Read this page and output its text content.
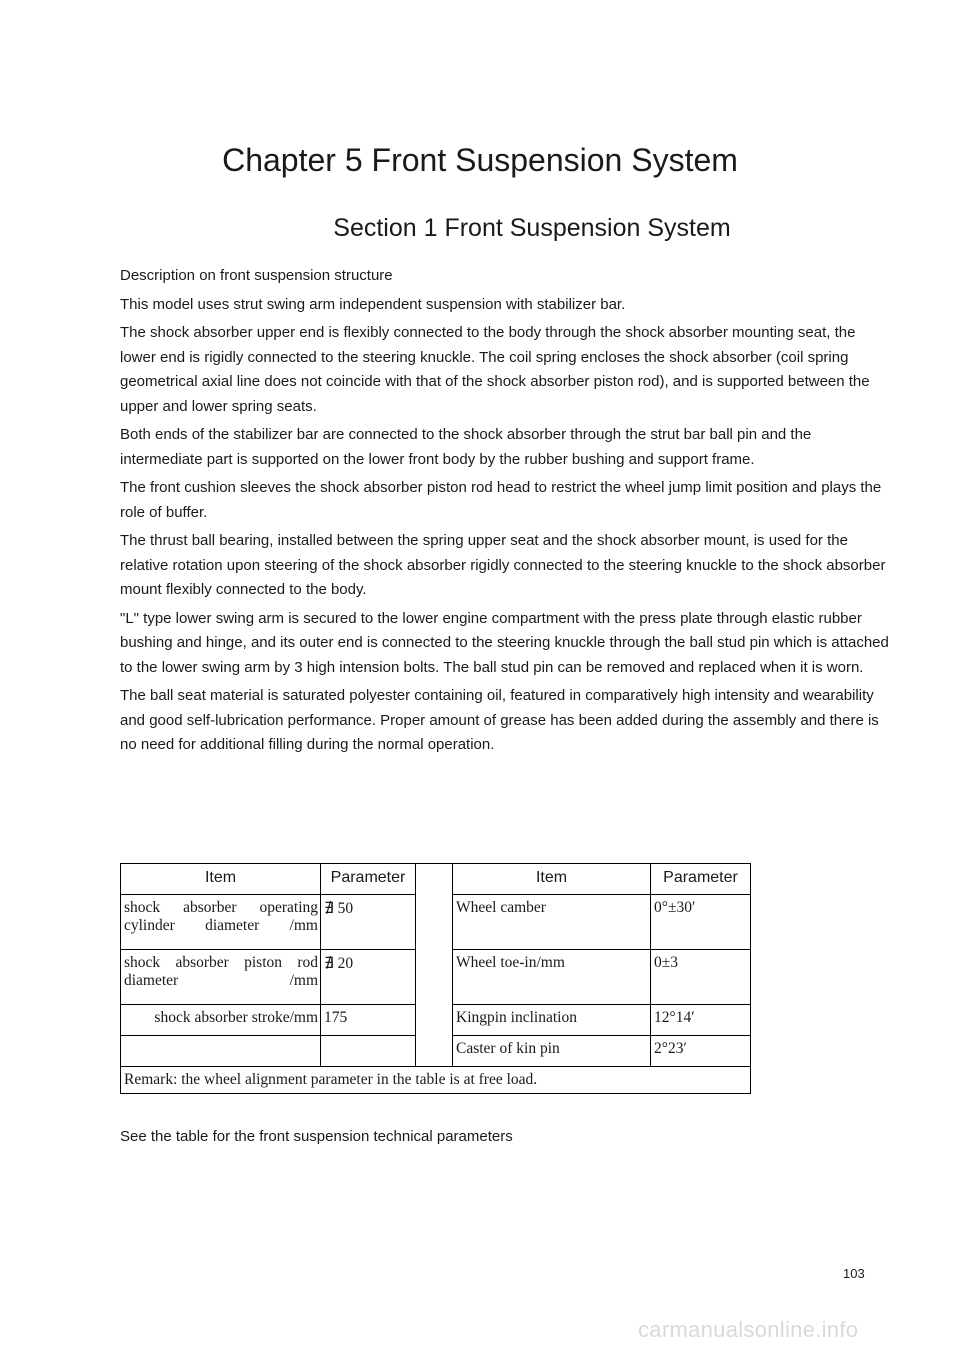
Chapter 5 Front Suspension System
Section 1 Front Suspension System

Description on front suspension structure

This model uses strut swing arm independent suspension with stabilizer bar.

The shock absorber upper end is flexibly connected to the body through the shock absorber mounting seat, the lower end is rigidly connected to the steering knuckle. The coil spring encloses the shock absorber (coil spring geometrical axial line does not coincide with that of the shock absorber piston rod), and is supported between the upper and lower spring seats.

Both ends of the stabilizer bar are connected to the shock absorber through the strut bar ball pin and the intermediate part is supported on the lower front body by the rubber bushing and support frame.

The front cushion sleeves the shock absorber piston rod head to restrict the wheel jump limit position and plays the role of buffer.

The thrust ball bearing, installed between the spring upper seat and the shock absorber mount, is used for the relative rotation upon steering of the shock absorber rigidly connected to the steering knuckle to the shock absorber mount flexibly connected to the body.

"L" type lower swing arm is secured to the lower engine compartment with the press plate through elastic rubber bushing and hinge, and its outer end is connected to the steering knuckle through the ball stud pin which is attached to the lower swing arm by 3 high intension bolts. The ball stud pin can be removed and replaced when it is worn.

The ball seat material is saturated polyester containing oil, featured in comparatively high intensity and wearability and good self-lubrication performance. Proper amount of grease has been added during the assembly and there is no need for additional filling during the normal operation.

Item	Parameter		Item	Parameter
shock absorber operating cylinder diameter /mm	∄ 50		Wheel camber	0°±30′
shock absorber piston rod diameter /mm	∄ 20		Wheel toe-in/mm	0±3
shock absorber stroke/mm	175		Kingpin inclination	12°14′
			Caster of kin pin	2°23′
Remark: the wheel alignment parameter in the table is at free load.				
See the table for the front suspension technical parameters
103
carmanualsonline.info
